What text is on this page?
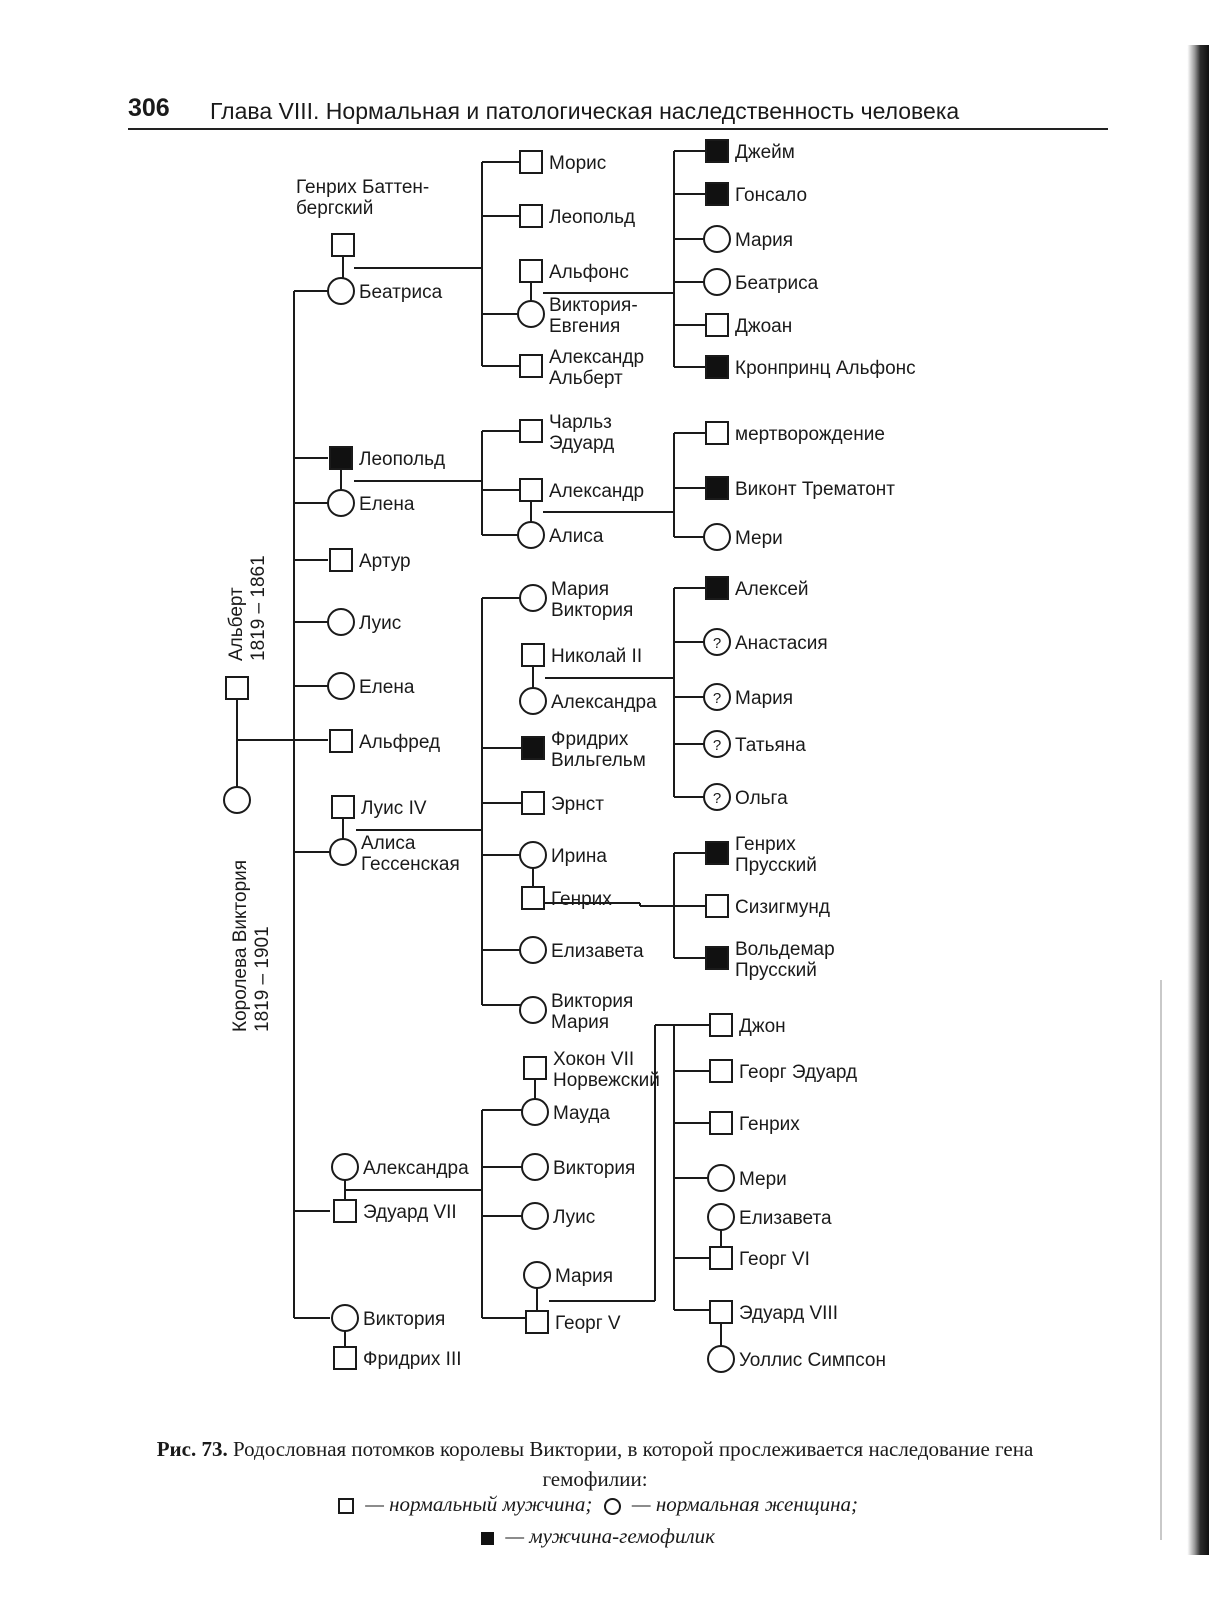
306 Глава VIII. Нормальная и патологическая наследственность человека
Генрих Баттен-
бергский
Беатриса
Морис
Леопольд
Альфонс
Виктория-
Евгения
Александр
Альберт
Джейм
Гонсало
Мария
Беатриса
Джоан
Кронпринц Альфонс
Леопольд
Елена
Чарльз
Эдуард
Александр
Алиса
мертворождение
Виконт Трематонт
Мери
Артур
Луис
Елена
Альфред
Луис IV
Алиса
Гессенская
Мария
Виктория
Николай II
Александра
Фридрих
Вильгельм
Эрнст
Ирина
Генрих
Елизавета
Виктория
Мария
Алексей
? Анастасия
? Мария
? Татьяна
? Ольга
Генрих
Прусский
Сизигмунд
Вольдемар
Прусский
Хокон VII
Норвежский
Мауда
Александра
Эдуард VII
Виктория
Луис
Мария
Георг V
Джон
Георг Эдуард
Генрих
Мери
Елизавета
Георг VI
Эдуард VIII
Уоллис Симпсон
Виктория
Фридрих III
Альберт 1819 – 1861
Королева Виктория 1819 – 1901
Рис. 73. Родословная потомков королевы Виктории, в которой прослеживается наследование гена гемофилии:
— нормальный мужчина; — нормальная женщина;
— мужчина-гемофилик
